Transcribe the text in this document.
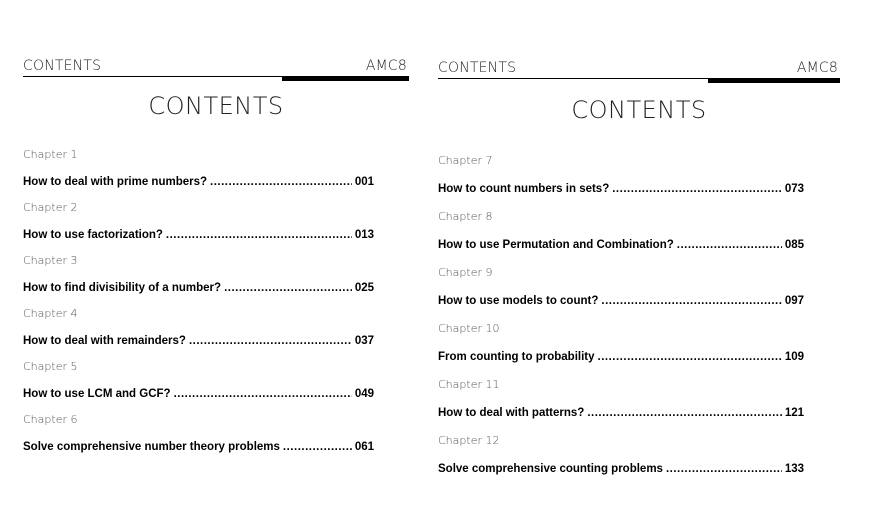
CONTENTS	AMC8
CONTENTS
Chapter 1
How to deal with prime numbers? .....	001
Chapter 2
How to use factorization? .....	013
Chapter 3
How to find divisibility of a number? .....	025
Chapter 4
How to deal with remainders? .....	037
Chapter 5
How to use LCM and GCF? .....	049
Chapter 6
Solve comprehensive number theory problems .....	061
CONTENTS	AMC8
CONTENTS
Chapter 7
How to count numbers in sets? .....	073
Chapter 8
How to use Permutation and Combination? .....	085
Chapter 9
How to use models to count? .....	097
Chapter 10
From counting to probability .....	109
Chapter 11
How to deal with patterns? .....	121
Chapter 12
Solve comprehensive counting problems .....	133
